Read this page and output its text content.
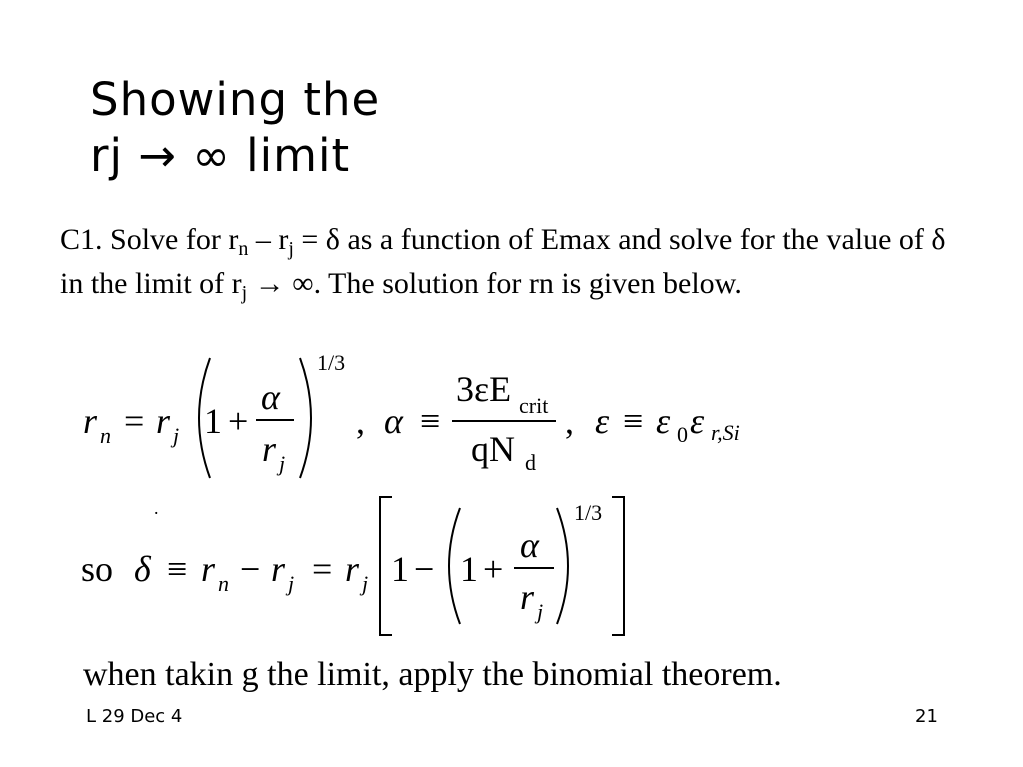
Showing the
rj → ∞ limit
C1. Solve for $r_n - r_j = \delta$ as a function of Emax and solve for the value of δ in the limit of $r_j$ → ∞. The solution for rn is given below.
r n = r j 1 +
α
r j
1/3
, α ≡
3εE crit
qN d
, ε ≡ ε 0 ε r,Si
.
so δ ≡ r n − r j = r j 1 − 1 +
α
r j
1/3
when takin g the limit, apply the binomial theorem.
L 29 Dec 4	21
